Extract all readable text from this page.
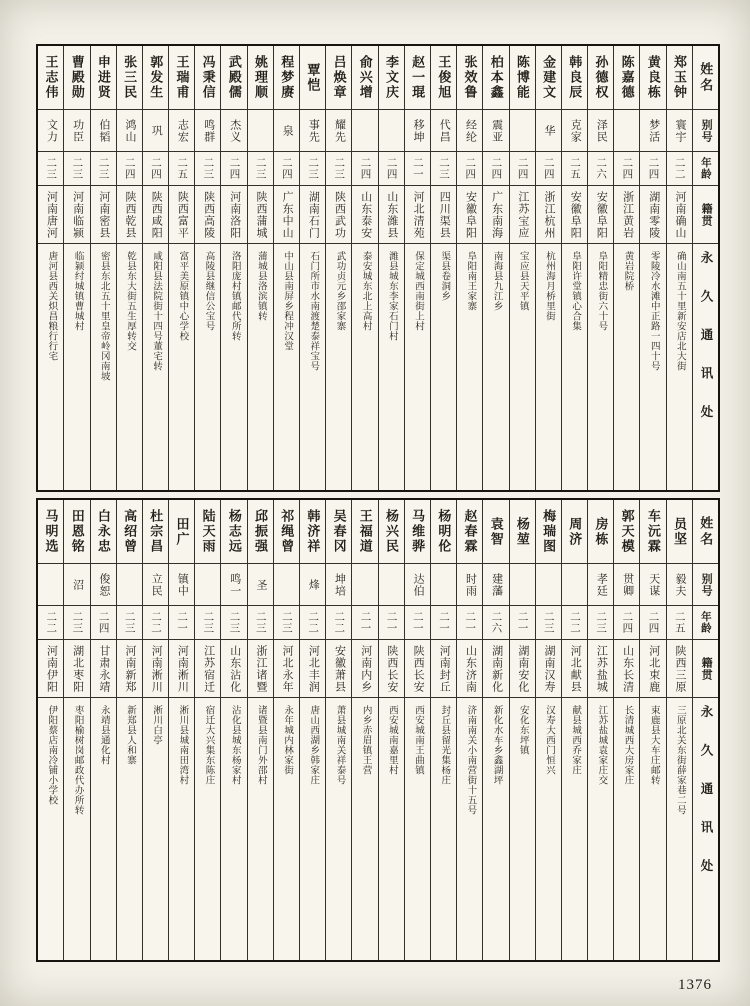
姓名
别号
年龄
籍贯
永久通讯处
郑玉钟
寰宇
二二
河南确山
确山南五十里新安店北大街
黄良栋
梦活
二四
湖南零陵
零陵冷水滩中正路一四十号
陈嘉德
二四
浙江黄岩
黄岩院桥
孙德权
泽民
二六
安徽阜阳
阜阳精忠街六十号
韩良辰
克家
二五
安徽阜阳
阜阳许堂镇心合集
金建文
华
二四
浙江杭州
杭州海月桥里街
陈博能
二四
江苏宝应
宝应县天平镇
柏本鑫
震亚
二四
广东南海
南海县九江乡
张效鲁
经纶
二四
安徽阜阳
阜阳南王家寨
王俊旭
代昌
二三
四川渠县
渠县卷洞乡
赵一琨
移坤
二一
河北清苑
保定城西南街上村
李文庆
二四
山东潍县
潍县城东李家石门村
俞兴增
二四
山东泰安
泰安城东北上高村
吕焕章
耀先
二三
陕西武功
武功贞元乡邵家寨
覃恺
事先
二三
湖南石门
石门所市水南渡楚泰祥宝号
程梦赓
泉
二四
广东中山
中山县南屏乡程冲汉堂
姚理顺
二三
陕西蒲城
蒲城县洛滨镇转
武殿儒
杰义
二四
河南洛阳
洛阳庞村镇邮代所转
冯秉信
鸣群
二三
陕西高陵
高陵县继信公宝号
王瑞甫
志宏
二五
陕西富平
富平美原镇中心学校
郭发生
巩
二四
陕西咸阳
咸阳县法院街十四号董宅转
张三民
鸿山
二四
陕西乾县
乾县东大街五生厚转交
申进贤
伯韬
二三
河南密县
密县东北五十里皇帝岭冈南坡
曹殿勋
功臣
二三
河南临颍
临颍纣城镇曹城村
王志伟
文力
二三
河南唐河
唐河县西关炽昌粮行行宅
姓名
别号
年龄
籍贯
永久通讯处
员坚
毅夫
二五
陕西三原
三原北关东街薛家巷二号
车沅霖
天谋
二四
河北束鹿
束鹿县大车庄邮转
郭天模
贯卿
二四
山东长清
长清城西大房家庄
房栋
孝廷
二三
江苏盐城
江苏盐城袁家庄交
周济
二二
河北献县
献县城西乔家庄
梅瑞图
二三
湖南汉寿
汉寿大西门恒兴
杨堃
二一
湖南安化
安化东坪镇
袁智
建藩
二六
湖南新化
新化水车乡鑫湖坪
赵春霖
时雨
二一
山东济南
济南南关小南营街十五号
杨明伦
二一
河南封丘
封丘县留光集杨庄
马维骅
达伯
二一
陕西长安
西安城南王曲镇
杨兴民
二一
陕西长安
西安城南嘉里村
王福道
二一
河南内乡
内乡赤眉镇王营
吴春冈
坤培
二二
安徽萧县
萧县城南关祥泰号
韩济祥
烽
二二
河北丰润
唐山西湖乡韩家庄
祁绳曾
二三
河北永年
永年城内林家街
邱振强
圣
二三
浙江诸暨
诸暨县南门外邵村
杨志远
鸣一
二三
山东沾化
沾化县城东杨家村
陆天雨
二三
江苏宿迁
宿迁大兴集东陈庄
田广
镇中
二一
河南淅川
淅川县城南田湾村
杜宗昌
立民
二二
河南淅川
淅川白亭
高绍曾
二三
河南新郑
新郑县人和寨
白永忠
俊恕
二四
甘肃永靖
永靖县通化村
田恩铭
沼
二三
湖北枣阳
枣阳榆树岗邮政代办所转
马明选
二二
河南伊阳
伊阳蔡店南冷铺小学校
1376
